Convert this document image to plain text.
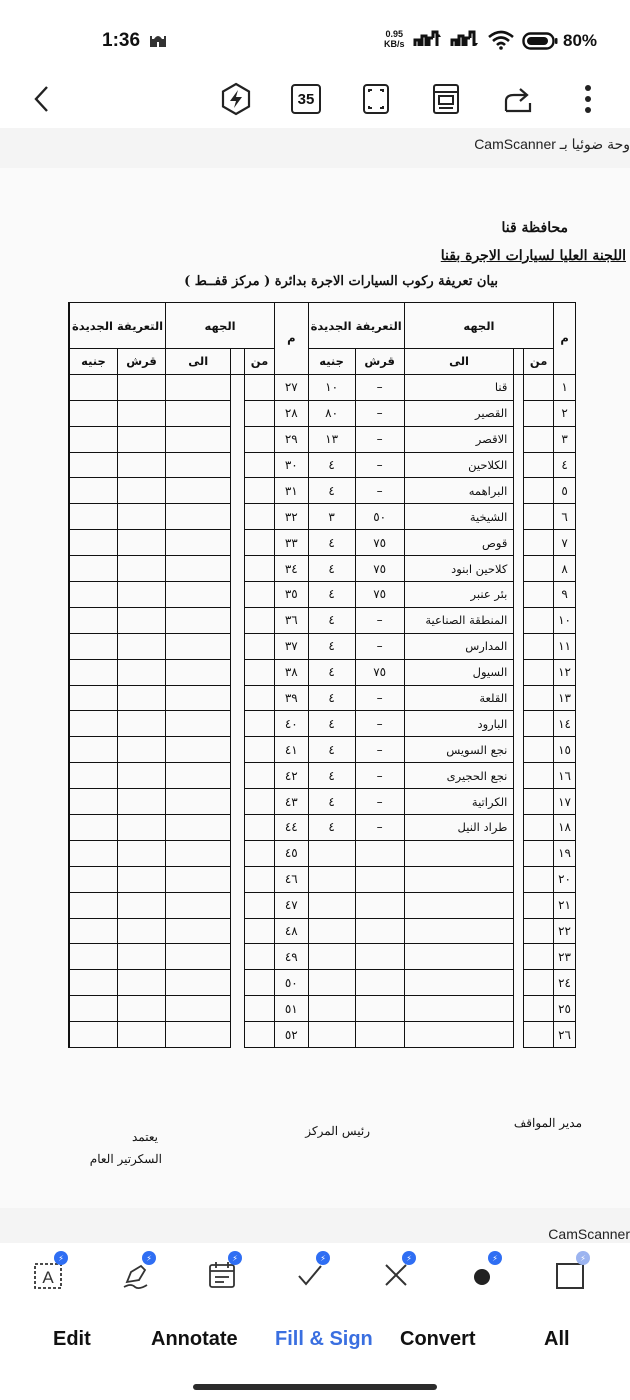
1:36	0.95
KB/s	80%
35
وحة ضوئيا بـ CamScanner
محافظة قنا
اللجنة العليا لسيارات الاجرة بقنا
بيان تعريفة ركوب السيارات الاجرة بدائرة ( مركز قفــط )
م	الجهه			التعريفة الجديدة		م	الجهه			التعريفة الجديدة	
	من		الى	قرش	جنيه		من		الى	قرش	جنيه
١			قنا	–	١٠	٢٧					
٢			القصير	–	٨٠	٢٨					
٣			الاقصر	–	١٣	٢٩					
٤			الكلاحين	–	٤	٣٠					
٥			البراهمه	–	٤	٣١					
٦			الشيخية	٥٠	٣	٣٢					
٧			قوص	٧٥	٤	٣٣					
٨			كلاحين ابنود	٧٥	٤	٣٤					
٩			بئر عنبر	٧٥	٤	٣٥					
١٠			المنطقة الصناعية	–	٤	٣٦					
١١			المدارس	–	٤	٣٧					
١٢			السيول	٧٥	٤	٣٨					
١٣			القلعة	–	٤	٣٩					
١٤			البارود	–	٤	٤٠					
١٥			نجع السويس	–	٤	٤١					
١٦			نجع الحجيرى	–	٤	٤٢					
١٧			الكراتية	–	٤	٤٣					
١٨			طراد النيل	–	٤	٤٤					
١٩						٤٥					
٢٠						٤٦					
٢١						٤٧					
٢٢						٤٨					
٢٣						٤٩					
٢٤						٥٠					
٢٥						٥١					
٢٦						٥٢					
مدير المواقف
رئيس المركز
يعتمد
السكرتير العام
CamScanner
A
⚡	⚡	⚡	⚡	⚡	⚡	⚡
Edit	Annotate Fill & Sign Convert	All
